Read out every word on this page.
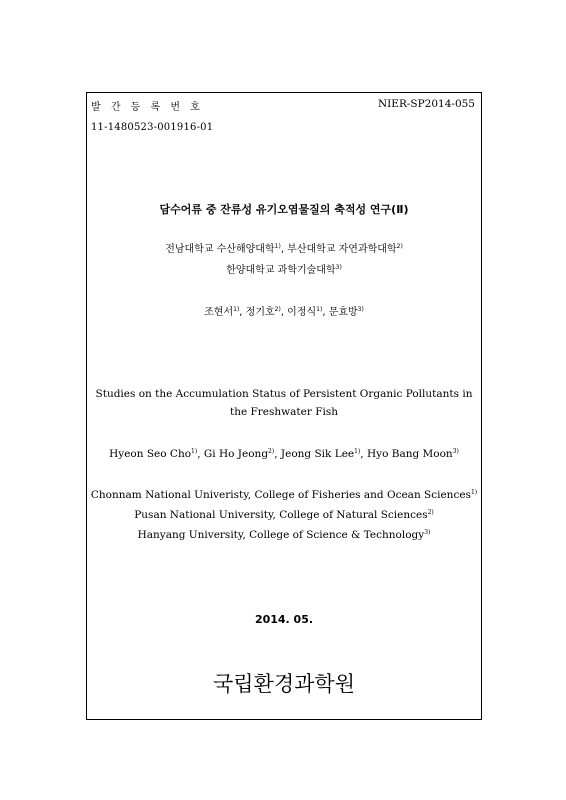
발 간 등 록 번 호	NIER-SP2014-055
11-1480523-001916-01
담수어류 중 잔류성 유기오염물질의 축적성 연구(Ⅱ)
전남대학교 수산해양대학$^{1)}$, 부산대학교 자연과학대학$^{2)}$
한양대학교 과학기술대학$^{3)}$
조현서$^{1)}$, 정기호$^{2)}$, 이정식$^{1)}$, 문효방$^{3)}$
Studies on the Accumulation Status of Persistent Organic Pollutants in
the Freshwater Fish
Hyeon Seo Cho$^{1)}$, Gi Ho Jeong$^{2)}$, Jeong Sik Lee$^{1)}$, Hyo Bang Moon$^{3)}$
Chonnam National Univeristy, College of Fisheries and Ocean Sciences$^{1)}$
Pusan National University, College of Natural Sciences$^{2)}$
Hanyang University, College of Science & Technology$^{3)}$
2014. 05.
국립환경과학원
